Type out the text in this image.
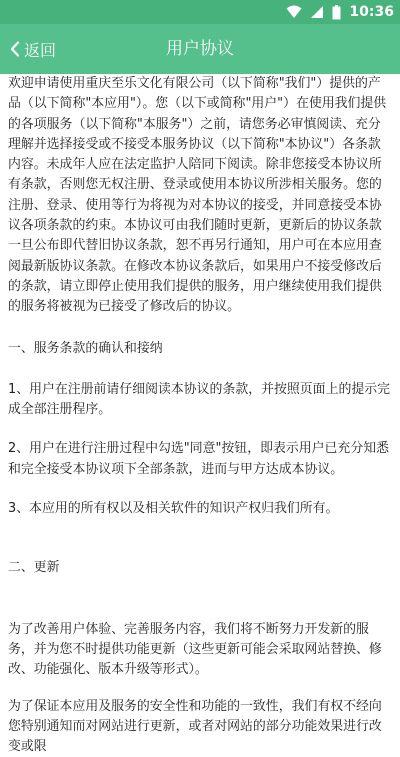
10:36
用户协议
返回

欢迎申请使用重庆至乐文化有限公司（以下简称"我们"）提供的产品（以下简称"本应用"）。您（以下或简称"用户"）在使用我们提供的各项服务（以下简称"本服务"）之前，请您务必审慎阅读、充分理解并选择接受或不接受本服务协议（以下简称"本协议"）各条款内容。未成年人应在法定监护人陪同下阅读。除非您接受本协议所有条款，否则您无权注册、登录或使用本协议所涉相关服务。您的注册、登录、使用等行为将视为对本协议的接受，并同意接受本协议各项条款的约束。本协议可由我们随时更新，更新后的协议条款一旦公布即代替旧协议条款，恕不再另行通知，用户可在本应用查阅最新版协议条款。在修改本协议条款后，如果用户不接受修改后的条款，请立即停止使用我们提供的服务，用户继续使用我们提供的服务将被视为已接受了修改后的协议。

一、服务条款的确认和接纳

1、用户在注册前请仔细阅读本协议的条款，并按照页面上的提示完成全部注册程序。

2、用户在进行注册过程中勾选"同意"按钮，即表示用户已充分知悉和完全接受本协议项下全部条款，进而与甲方达成本协议。

3、本应用的所有权以及相关软件的知识产权归我们所有。

二、更新

为了改善用户体验、完善服务内容，我们将不断努力开发新的服务，并为您不时提供功能更新（这些更新可能会采取网站替换、修改、功能强化、版本升级等形式）。

为了保证本应用及服务的安全性和功能的一致性，我们有权不经向您特别通知而对网站进行更新，或者对网站的部分功能效果进行改变或限
